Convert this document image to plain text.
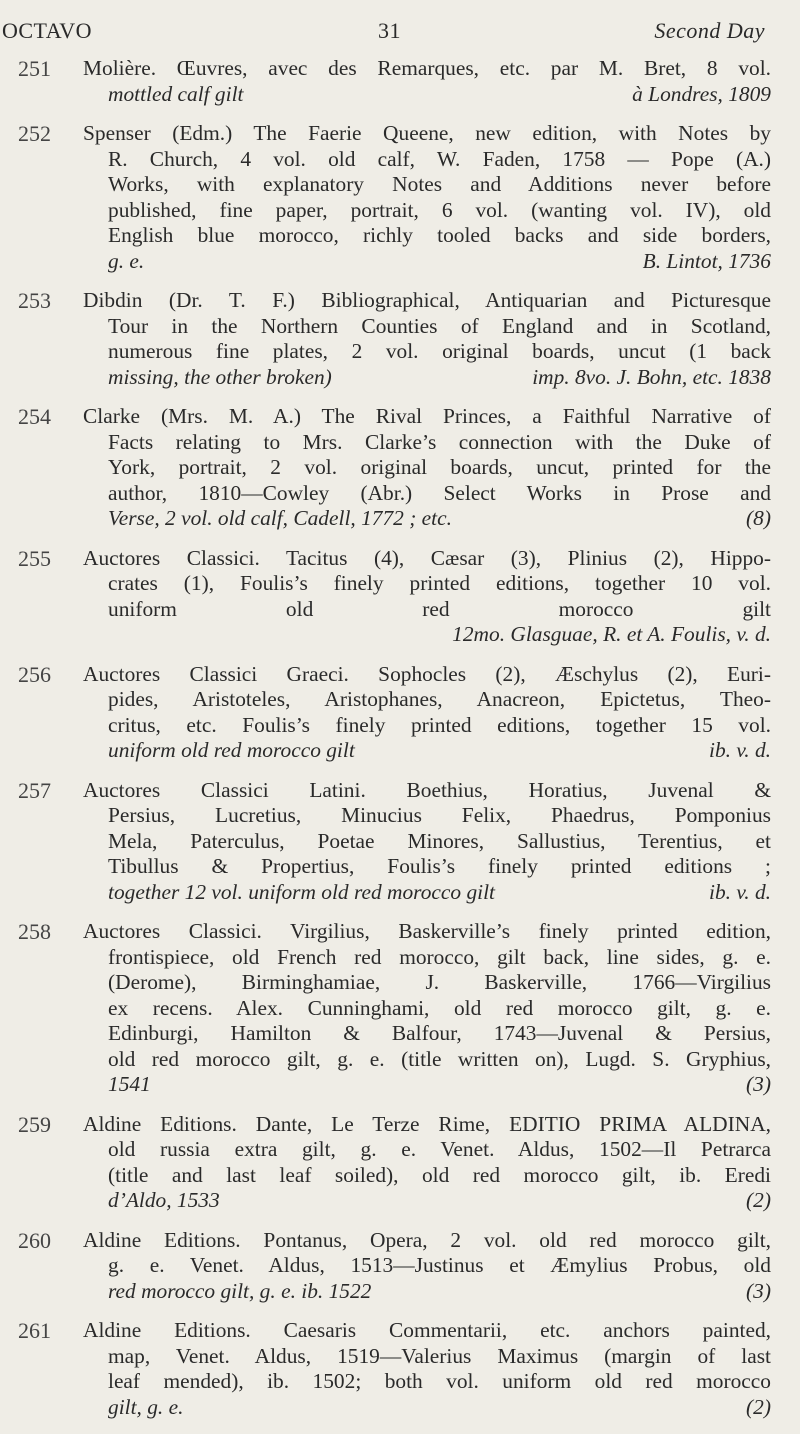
OCTAVO	31	Second Day
251 Molière. Œuvres, avec des Remarques, etc. par M. Bret, 8 vol.
mottled calf gilt	à Londres, 1809
252 Spenser (Edm.) The Faerie Queene, new edition, with Notes by
R. Church, 4 vol. old calf, W. Faden, 1758 — Pope (A.)
Works, with explanatory Notes and Additions never before
published, fine paper, portrait, 6 vol. (wanting vol. IV), old
English blue morocco, richly tooled backs and side borders,
g. e.	B. Lintot, 1736
253 Dibdin (Dr. T. F.) Bibliographical, Antiquarian and Picturesque
Tour in the Northern Counties of England and in Scotland,
numerous fine plates, 2 vol. original boards, uncut (1 back
missing, the other broken)	imp. 8vo. J. Bohn, etc. 1838
254 Clarke (Mrs. M. A.) The Rival Princes, a Faithful Narrative of
Facts relating to Mrs. Clarke’s connection with the Duke of
York, portrait, 2 vol. original boards, uncut, printed for the
author, 1810—Cowley (Abr.) Select Works in Prose and
Verse, 2 vol. old calf, Cadell, 1772 ; etc.	(8)
255 Auctores Classici. Tacitus (4), Cæsar (3), Plinius (2), Hippo-
crates (1), Foulis’s finely printed editions, together 10 vol.
uniform old red morocco gilt
12mo. Glasguae, R. et A. Foulis, v. d.
256 Auctores Classici Graeci. Sophocles (2), Æschylus (2), Euri-
pides, Aristoteles, Aristophanes, Anacreon, Epictetus, Theo-
critus, etc. Foulis’s finely printed editions, together 15 vol.
uniform old red morocco gilt	ib. v. d.
257 Auctores Classici Latini. Boethius, Horatius, Juvenal &
Persius, Lucretius, Minucius Felix, Phaedrus, Pomponius
Mela, Paterculus, Poetae Minores, Sallustius, Terentius, et
Tibullus & Propertius, Foulis’s finely printed editions ;
together 12 vol. uniform old red morocco gilt	ib. v. d.
258 Auctores Classici. Virgilius, Baskerville’s finely printed edition,
frontispiece, old French red morocco, gilt back, line sides, g. e.
(Derome), Birminghamiae, J. Baskerville, 1766—Virgilius
ex recens. Alex. Cunninghami, old red morocco gilt, g. e.
Edinburgi, Hamilton & Balfour, 1743—Juvenal & Persius,
old red morocco gilt, g. e. (title written on), Lugd. S. Gryphius,
1541	(3)
259 Aldine Editions. Dante, Le Terze Rime, EDITIO PRIMA ALDINA,
old russia extra gilt, g. e. Venet. Aldus, 1502—Il Petrarca
(title and last leaf soiled), old red morocco gilt, ib. Eredi
d’Aldo, 1533	(2)
260 Aldine Editions. Pontanus, Opera, 2 vol. old red morocco gilt,
g. e. Venet. Aldus, 1513—Justinus et Æmylius Probus, old
red morocco gilt, g. e. ib. 1522	(3)
261 Aldine Editions. Caesaris Commentarii, etc. anchors painted,
map, Venet. Aldus, 1519—Valerius Maximus (margin of last
leaf mended), ib. 1502; both vol. uniform old red morocco
gilt, g. e.	(2)
